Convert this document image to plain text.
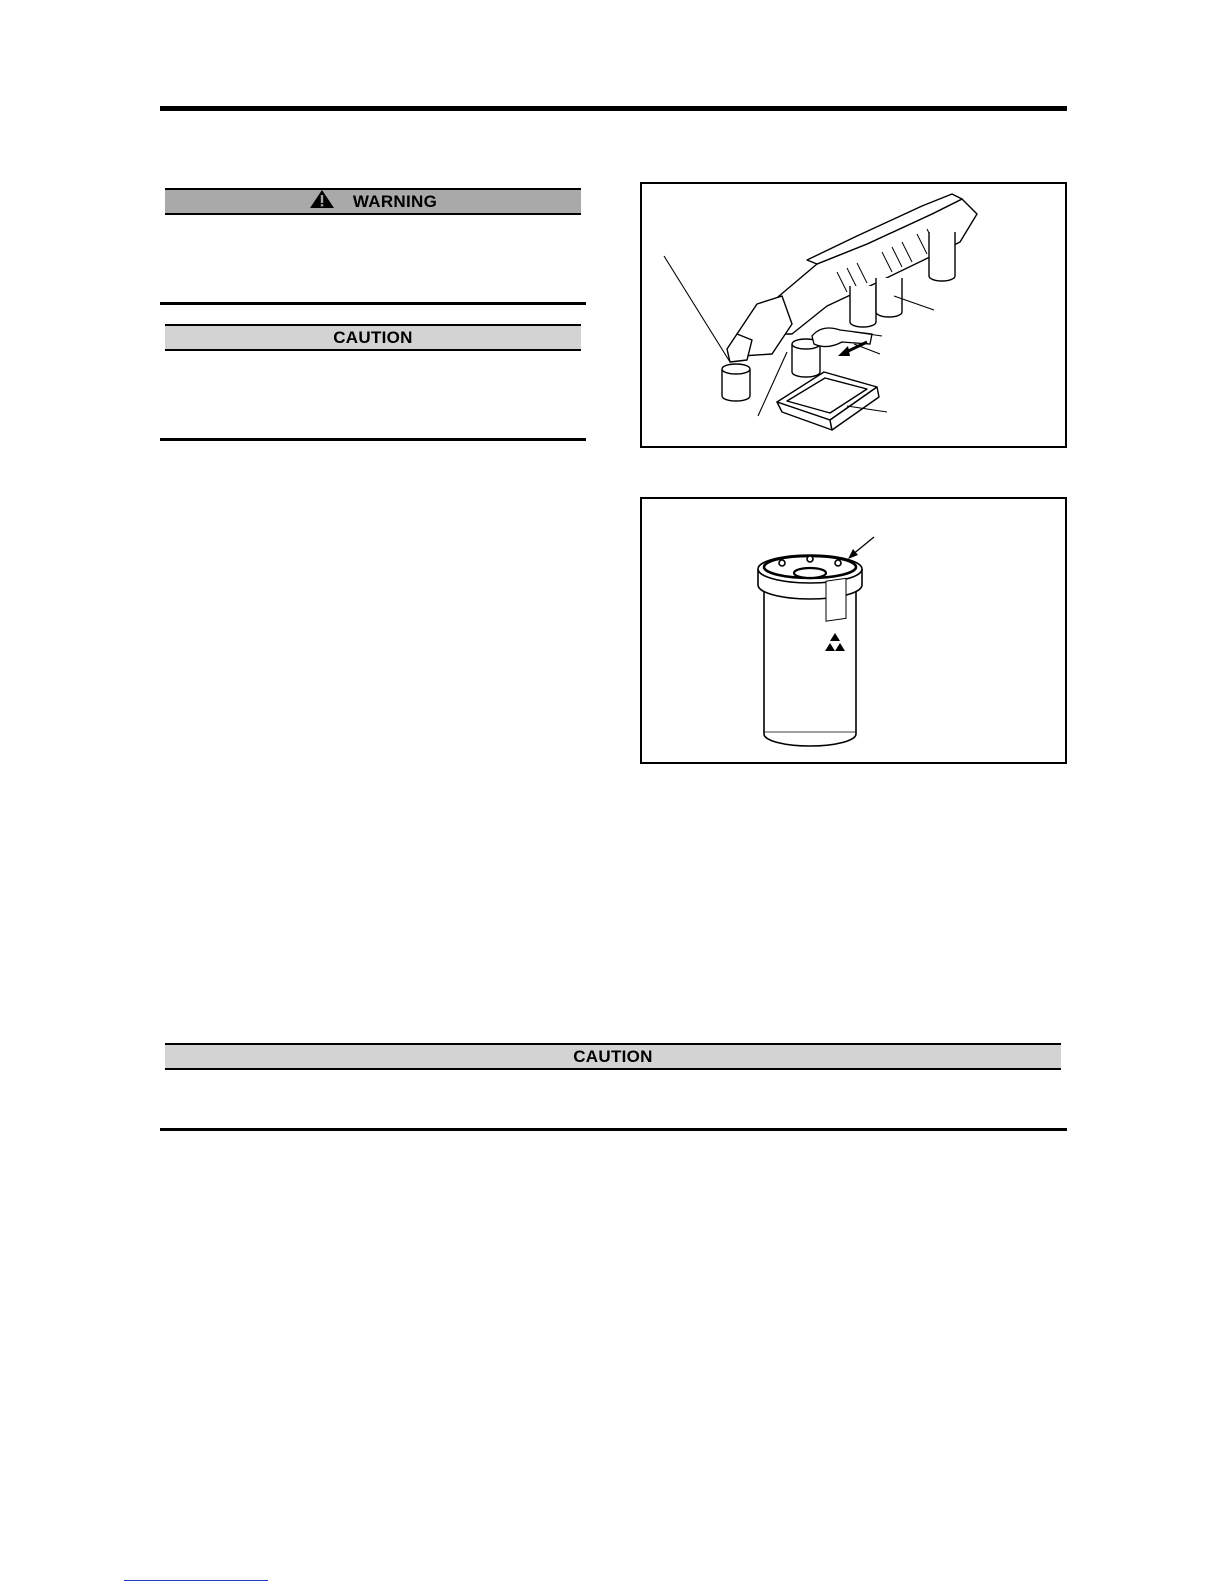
WARNING
CAUTION
CAUTION
